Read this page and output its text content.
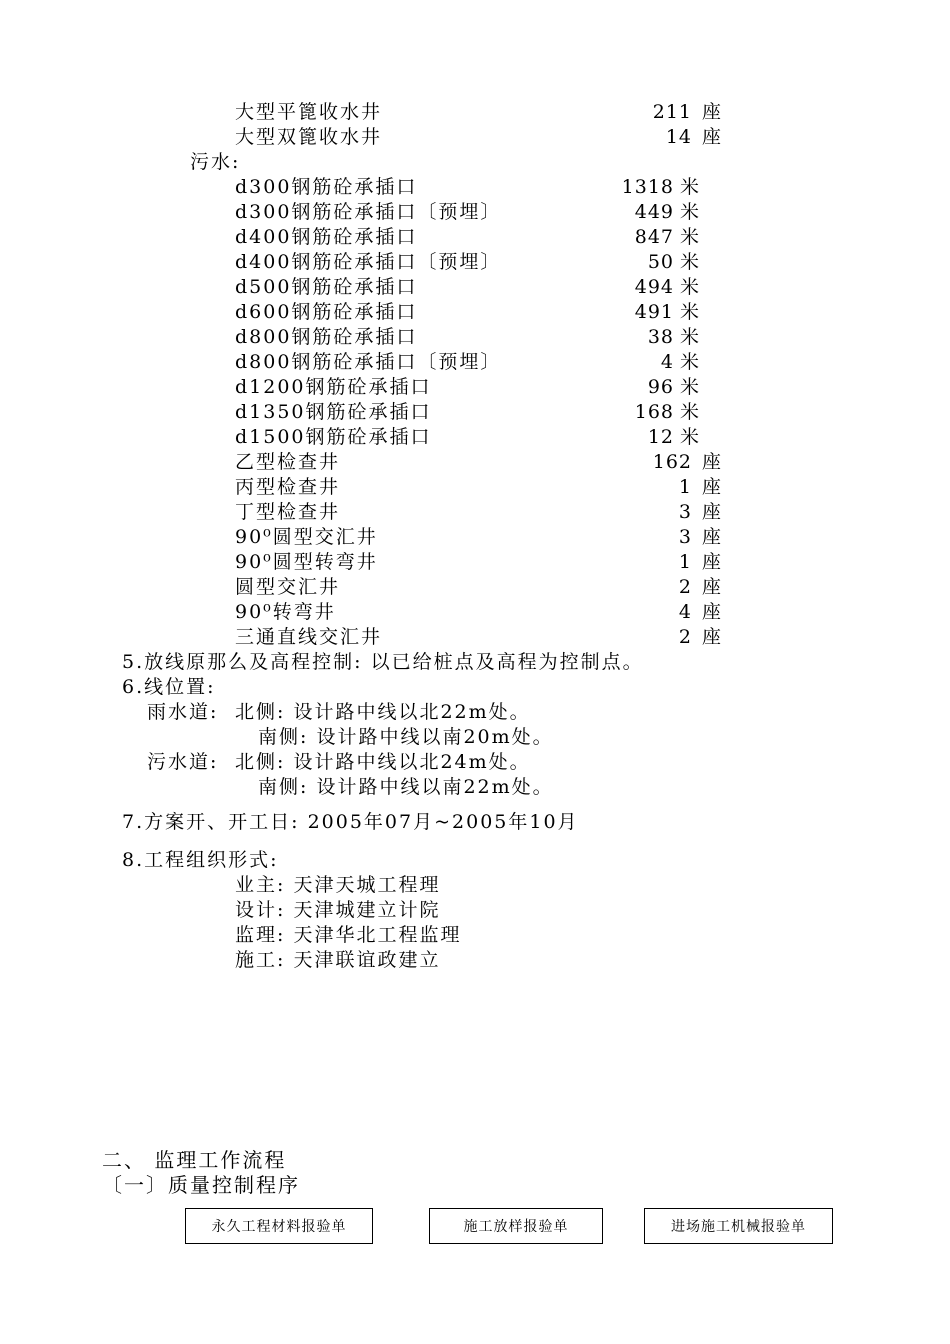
大型平篦收水井	211 座
大型双篦收水井	14 座
污水:
d300钢筋砼承插口	1318 米
d300钢筋砼承插口〔预埋〕	449 米
d400钢筋砼承插口	847 米
d400钢筋砼承插口〔预埋〕	50 米
d500钢筋砼承插口	494 米
d600钢筋砼承插口	491 米
d800钢筋砼承插口	38 米
d800钢筋砼承插口〔预埋〕	4 米
d1200钢筋砼承插口	96 米
d1350钢筋砼承插口	168 米
d1500钢筋砼承插口	12 米
乙型检查井	162 座
丙型检查井	1 座
丁型检查井	3 座
90⁰圆型交汇井	3 座
90⁰圆型转弯井	1 座
圆型交汇井	2 座
90⁰转弯井	4 座
三通直线交汇井	2 座
5.放线原那么及高程控制: 以已给桩点及高程为控制点。
6.线位置:
雨水道: 北侧: 设计路中线以北22m处。
南侧: 设计路中线以南20m处。
污水道: 北侧: 设计路中线以北24m处。
南侧: 设计路中线以南22m处。
7.方案开、开工日: 2005年07月~2005年10月
8.工程组织形式:
业主: 天津天城工程理
设计: 天津城建立计院
监理: 天津华北工程监理
施工: 天津联谊政建立
二、 监理工作流程
〔一〕质量控制程序
永久工程材料报验单	施工放样报验单	进场施工机械报验单
